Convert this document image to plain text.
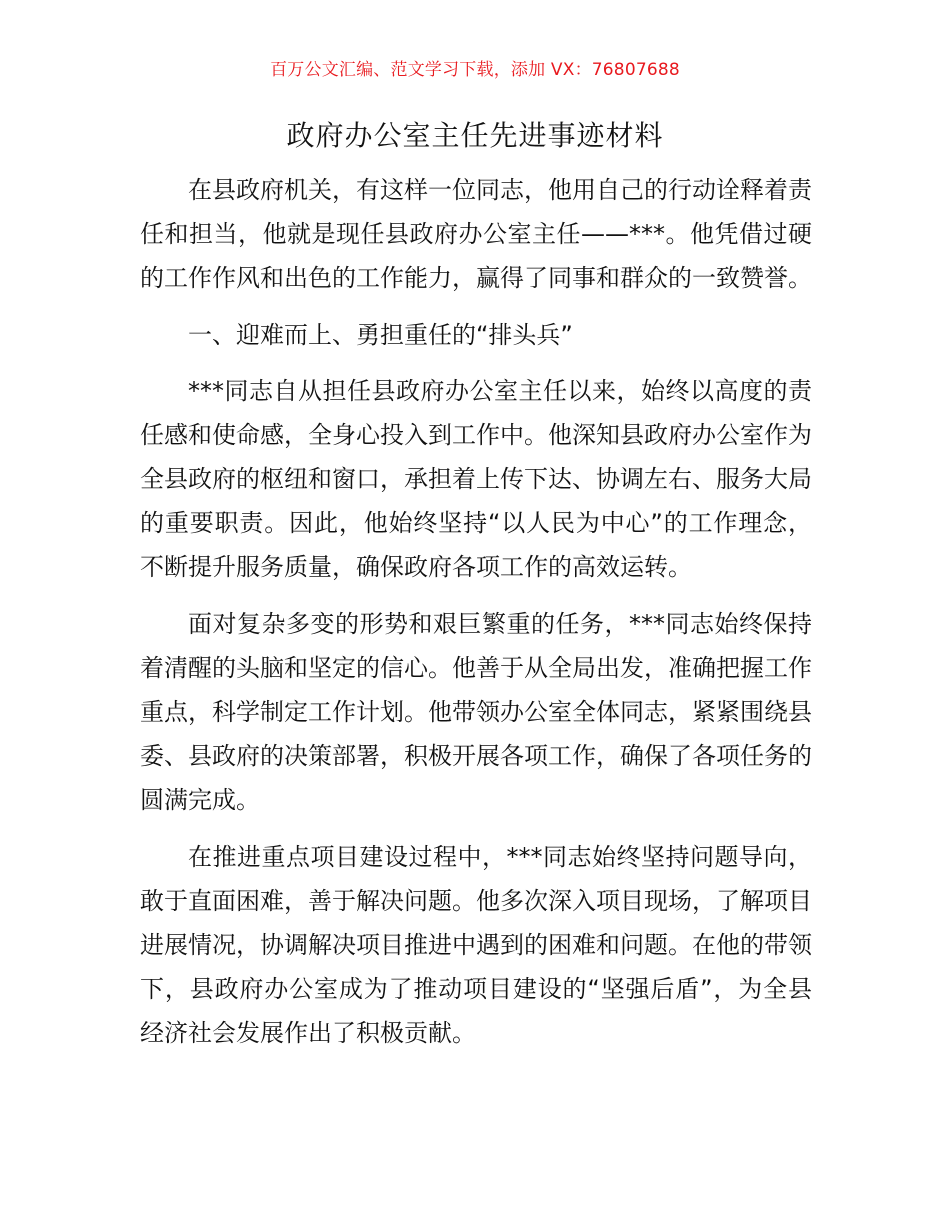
百万公文汇编、范文学习下载，添加 VX：76807688
政府办公室主任先进事迹材料

在县政府机关，有这样一位同志，他用自己的行动诠释着责任和担当，他就是现任县政府办公室主任——***。他凭借过硬的工作作风和出色的工作能力，赢得了同事和群众的一致赞誉。

一、迎难而上、勇担重任的“排头兵”

***同志自从担任县政府办公室主任以来，始终以高度的责任感和使命感，全身心投入到工作中。他深知县政府办公室作为全县政府的枢纽和窗口，承担着上传下达、协调左右、服务大局的重要职责。因此，他始终坚持“以人民为中心”的工作理念，不断提升服务质量，确保政府各项工作的高效运转。

面对复杂多变的形势和艰巨繁重的任务，***同志始终保持着清醒的头脑和坚定的信心。他善于从全局出发，准确把握工作重点，科学制定工作计划。他带领办公室全体同志，紧紧围绕县委、县政府的决策部署，积极开展各项工作，确保了各项任务的圆满完成。

在推进重点项目建设过程中，***同志始终坚持问题导向，敢于直面困难，善于解决问题。他多次深入项目现场，了解项目进展情况，协调解决项目推进中遇到的困难和问题。在他的带领下，县政府办公室成为了推动项目建设的“坚强后盾”，为全县经济社会发展作出了积极贡献。
